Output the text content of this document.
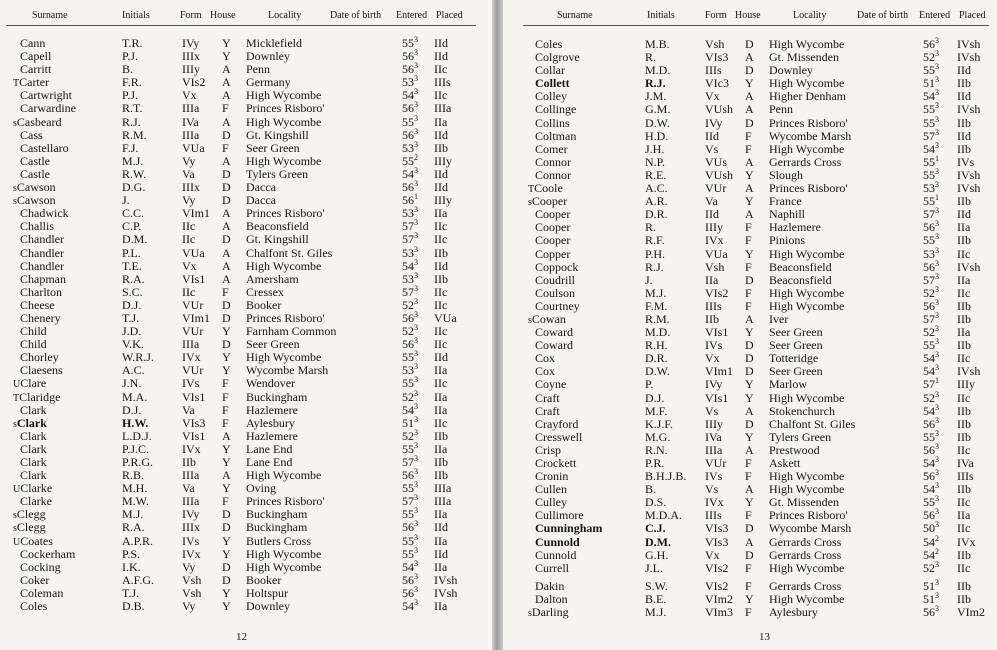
Surname	Initials	Form House	Locality	Date of birth Entered Placed
Cann	T.R.	IVy Y Micklefield	$55^3$ IId
Capell	P.J.	IIIx Y Downley	$56^3$ IId
Carritt	B.	IIIy A Penn	$56^3$ IIc
TCarter	F.R.	VIs2 A Germany	$53^3$ IIIs
Cartwright	P.J.	Vx A High Wycombe	$54^3$ IIc
Carwardine	R.T.	IIIa F Princes Risboro'	$56^3$ IIIa
sCasbeard	R.J.	IVa A High Wycombe	$55^3$ IIa
Cass	R.M.	IIIa D Gt. Kingshill	$56^3$ IId
Castellaro	F.J.	VUa F Seer Green	$53^3$ IIb
Castle	M.J.	Vy A High Wycombe	$55^2$ IIIy
Castle	R.W.	Va D Tylers Green	$54^3$ IId
sCawson	D.G.	IIIx D Dacca	$56^3$ IId
sCawson	J.	Vy D Dacca	$56^1$ IIIy
Chadwick	C.C.	VIm1 A Princes Risboro'	$53^3$ IIa
Challis	C.P.	IIc A Beaconsfield	$57^3$ IIc
Chandler	D.M.	IIc D Gt. Kingshill	$57^3$ IIc
Chandler	P.L.	VUa A Chalfont St. Giles	$53^3$ IIb
Chandler	T.E.	Vx A High Wycombe	$54^3$ IId
Chapman	R.A.	VIs1 A Amersham	$53^3$ IIb
Charlton	S.C.	IIc F Cressex	$57^3$ IIc
Cheese	D.J.	VUr D Booker	$52^3$ IIc
Chenery	T.J.	VIm1 D Princes Risboro'	$56^3$ VUa
Child	J.D.	VUr Y Farnham Common	$52^3$ IIc
Child	V.K.	IIIa D Seer Green	$56^3$ IIc
Chorley	W.R.J. IVx Y High Wycombe	$55^3$ IId
Claesens	A.C.	VUr Y Wycombe Marsh	$53^3$ IIa
UClare	J.N.	IVs F Wendover	$55^3$ IIc
TClaridge	M.A.	VIs1 F Buckingham	$52^3$ IIa
Clark	D.J.	Va F Hazlemere	$54^3$ IIa
sClark	H.W.	VIs3 F Aylesbury	$51^3$ IIc
Clark	L.D.J.	VIs1 A Hazlemere	$52^3$ IIb
Clark	P.J.C.	IVx Y Lane End	$55^3$ IIa
Clark	P.R.G. IIb Y Lane End	$57^3$ IIb
Clark	R.B.	IIIa A High Wycombe	$56^3$ IIb
UClarke	M.H.	Va Y Oving	$55^3$ IIIa
Clarke	M.W.	IIIa F Princes Risboro'	$57^3$ IIIa
sClegg	M.J.	IVy D Buckingham	$55^3$ IIa
sClegg	R.A.	IIIx D Buckingham	$56^3$ IId
UCoates	A.P.R. IVs Y Butlers Cross	$55^3$ IIa
Cockerham	P.S.	IVx Y High Wycombe	$55^3$ IId
Cocking	I.K.	Vy D High Wycombe	$54^3$ IIa
Coker	A.F.G. Vsh D Booker	$56^3$ IVsh
Coleman	T.J.	Vsh Y Holtspur	$56^3$ IVsh
Coles	D.B.	Vy Y Downley	$54^3$ IIa
12
Surname	Initials	Form House	Locality	Date of birth Entered Placed
Coles	M.B.	Vsh D High Wycombe	$56^3$ IVsh
Colgrove	R.	VIs3 A Gt. Missenden	$52^3$ IVsh
Collar	M.D.	IIIs D Downley	$55^3$ IId
Collett	R.J.	VIc3 Y High Wycombe	$51^3$ IIb
Colley	J.M.	Vx A Higher Denham	$54^3$ IId
Collinge	G.M.	VUsh A Penn	$55^3$ IVsh
Collins	D.W.	IVy D Princes Risboro'	$55^3$ IIb
Coltman	H.D.	IId F Wycombe Marsh	$57^3$ IId
Comer	J.H.	Vs F High Wycombe	$54^3$ IIb
Connor	N.P.	VUs A Gerrards Cross	$55^1$ IVs
Connor	R.E.	VUsh Y Slough	$55^3$ IVsh
TCoole	A.C.	VUr A Princes Risboro'	$53^3$ IVsh
sCooper	A.R.	Va Y France	$55^1$ IIb
Cooper	D.R.	IId A Naphill	$57^3$ IId
Cooper	R.	IIIy F Hazlemere	$56^3$ IIa
Cooper	R.F.	IVx F Pinions	$55^3$ IIb
Copper	P.H.	VUa Y High Wycombe	$53^3$ IIc
Coppock	R.J.	Vsh F Beaconsfield	$56^3$ IVsh
Coudrill	J.	IIa D Beaconsfield	$57^3$ IIa
Coulson	M.J.	VIs2 F High Wycombe	$52^3$ IIc
Courtney	F.M.	IIIs F High Wycombe	$56^3$ IIb
sCowan	R.M.	IIb A Iver	$57^3$ IIb
Coward	M.D.	VIs1 Y Seer Green	$52^3$ IIa
Coward	R.H.	IVs D Seer Green	$55^3$ IIb
Cox	D.R.	Vx D Totteridge	$54^3$ IIc
Cox	D.W.	VIm1 D Seer Green	$54^3$ IVsh
Coyne	P.	IVy Y Marlow	$57^1$ IIIy
Craft	D.J.	VIs1 Y High Wycombe	$52^3$ IIc
Craft	M.F.	Vs A Stokenchurch	$54^3$ IIb
Crayford	K.J.F.	IIIy D Chalfont St. Giles	$56^3$ IIb
Cresswell	M.G.	IVa Y Tylers Green	$55^3$ IIb
Crisp	R.N.	IIIa A Prestwood	$56^3$ IIc
Crockett	P.R.	VUr F Askett	$54^3$ IVa
Cronin	B.H.J.B. IVs F High Wycombe	$56^3$ IIIs
Cullen	B.	Vs A High Wycombe	$54^3$ IIb
Culley	D.S.	IVx Y Gt. Missenden	$55^3$ IIc
Cullimore	M.D.A. IIIs F Princes Risboro'	$56^3$ IIa
Cunningham	C.J.	VIs3 D Wycombe Marsh	$50^3$ IIc
Cunnold	D.M.	VIs3 A Gerrards Cross	$54^2$ IVx
Cunnold	G.H.	Vx D Gerrards Cross	$54^2$ IIb
Currell	J.L.	VIs2 F High Wycombe	$52^3$ IIc
Dakin	S.W.	VIs2 F Gerrards Cross	$51^3$ IIb
Dalton	B.E.	VIm2 Y High Wycombe	$51^3$ IIb
sDarling	M.J.	VIm3 F Aylesbury	$56^3$ VIm2
13
